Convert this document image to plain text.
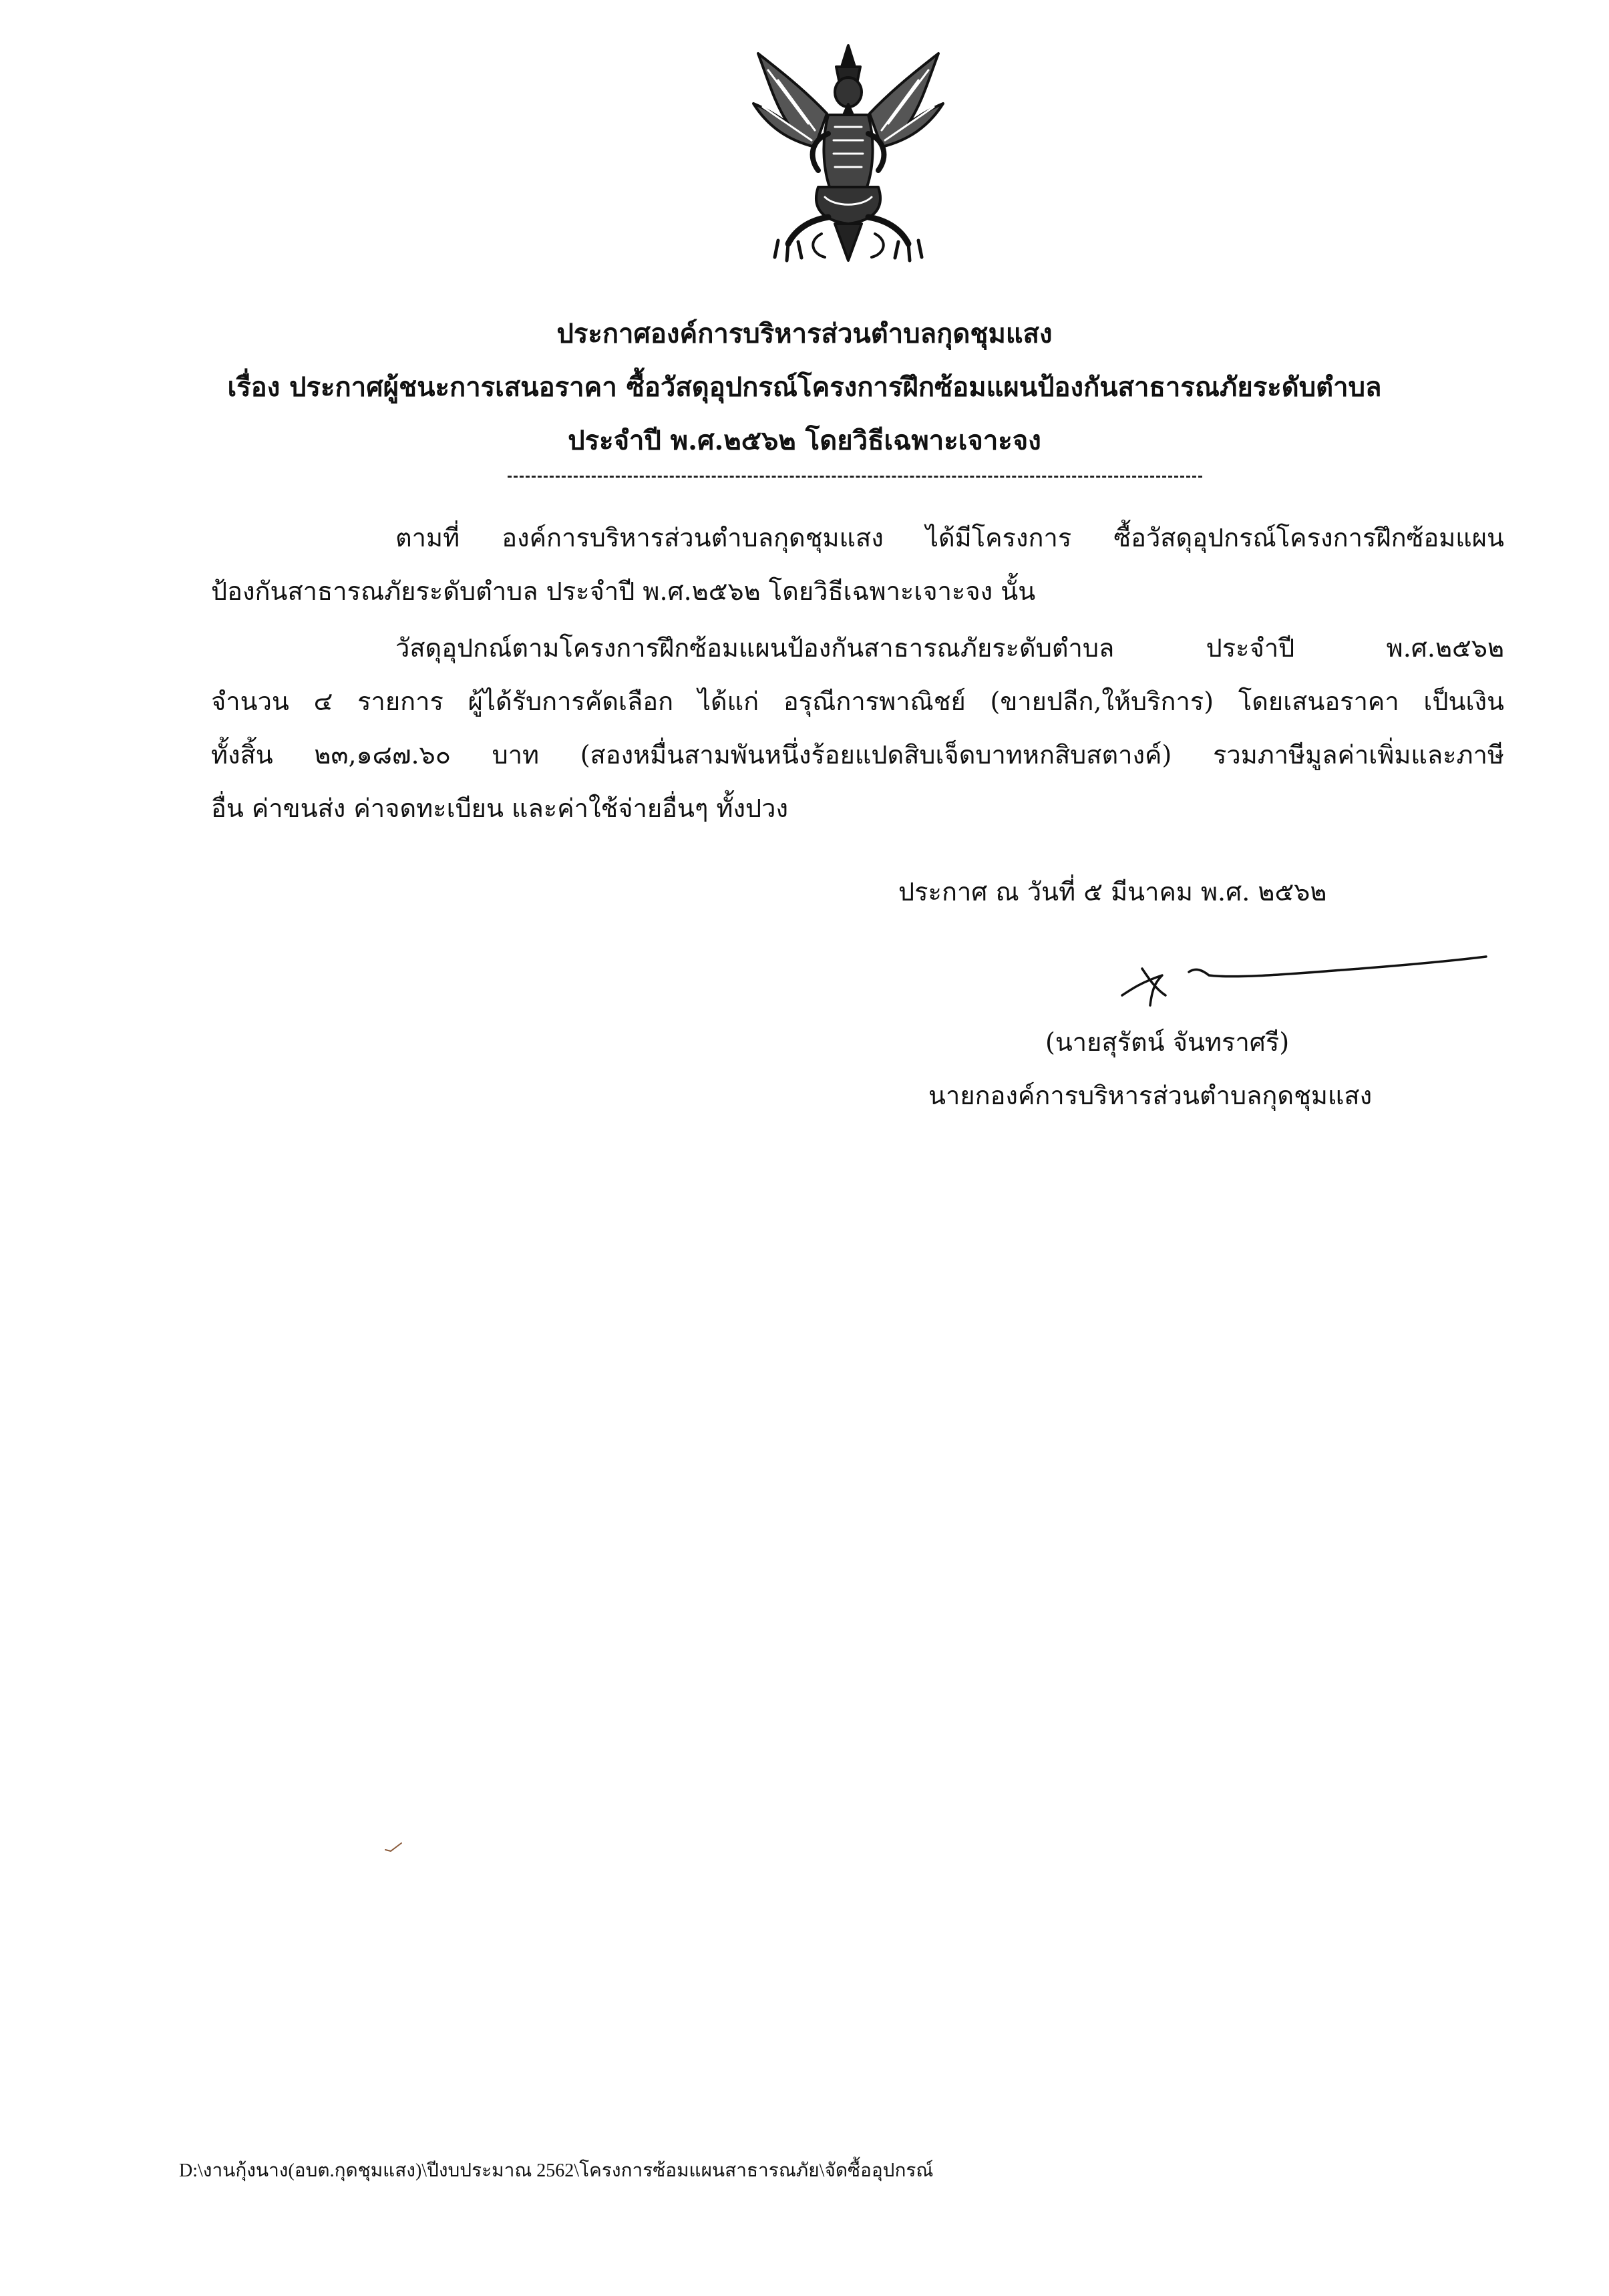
ประกาศองค์การบริหารส่วนตำบลกุดชุมแสง
เรื่อง ประกาศผู้ชนะการเสนอราคา ซื้อวัสดุอุปกรณ์โครงการฝึกซ้อมแผนป้องกันสาธารณภัยระดับตำบล
ประจำปี พ.ศ.๒๕๖๒ โดยวิธีเฉพาะเจาะจง
ตามที่ องค์การบริหารส่วนตำบลกุดชุมแสง ได้มีโครงการ ซื้อวัสดุอุปกรณ์โครงการฝึกซ้อมแผน
ป้องกันสาธารณภัยระดับตำบล ประจำปี พ.ศ.๒๕๖๒ โดยวิธีเฉพาะเจาะจง นั้น
วัสดุอุปกณ์ตามโครงการฝึกซ้อมแผนป้องกันสาธารณภัยระดับตำบล ประจำปี พ.ศ.๒๕๖๒
จำนวน ๔ รายการ ผู้ได้รับการคัดเลือก ได้แก่ อรุณีการพาณิชย์ (ขายปลีก,ให้บริการ) โดยเสนอราคา เป็นเงิน
ทั้งสิ้น ๒๓,๑๘๗.๖๐ บาท (สองหมื่นสามพันหนึ่งร้อยแปดสิบเจ็ดบาทหกสิบสตางค์) รวมภาษีมูลค่าเพิ่มและภาษี
อื่น ค่าขนส่ง ค่าจดทะเบียน และค่าใช้จ่ายอื่นๆ ทั้งปวง
ประกาศ ณ วันที่ ๕ มีนาคม พ.ศ. ๒๕๖๒
(นายสุรัตน์ จันทราศรี)
นายกองค์การบริหารส่วนตำบลกุดชุมแสง
D:\งานกุ้งนาง(อบต.กุดชุมแสง)\ปีงบประมาณ 2562\โครงการซ้อมแผนสาธารณภัย\จัดซื้ออุปกรณ์
